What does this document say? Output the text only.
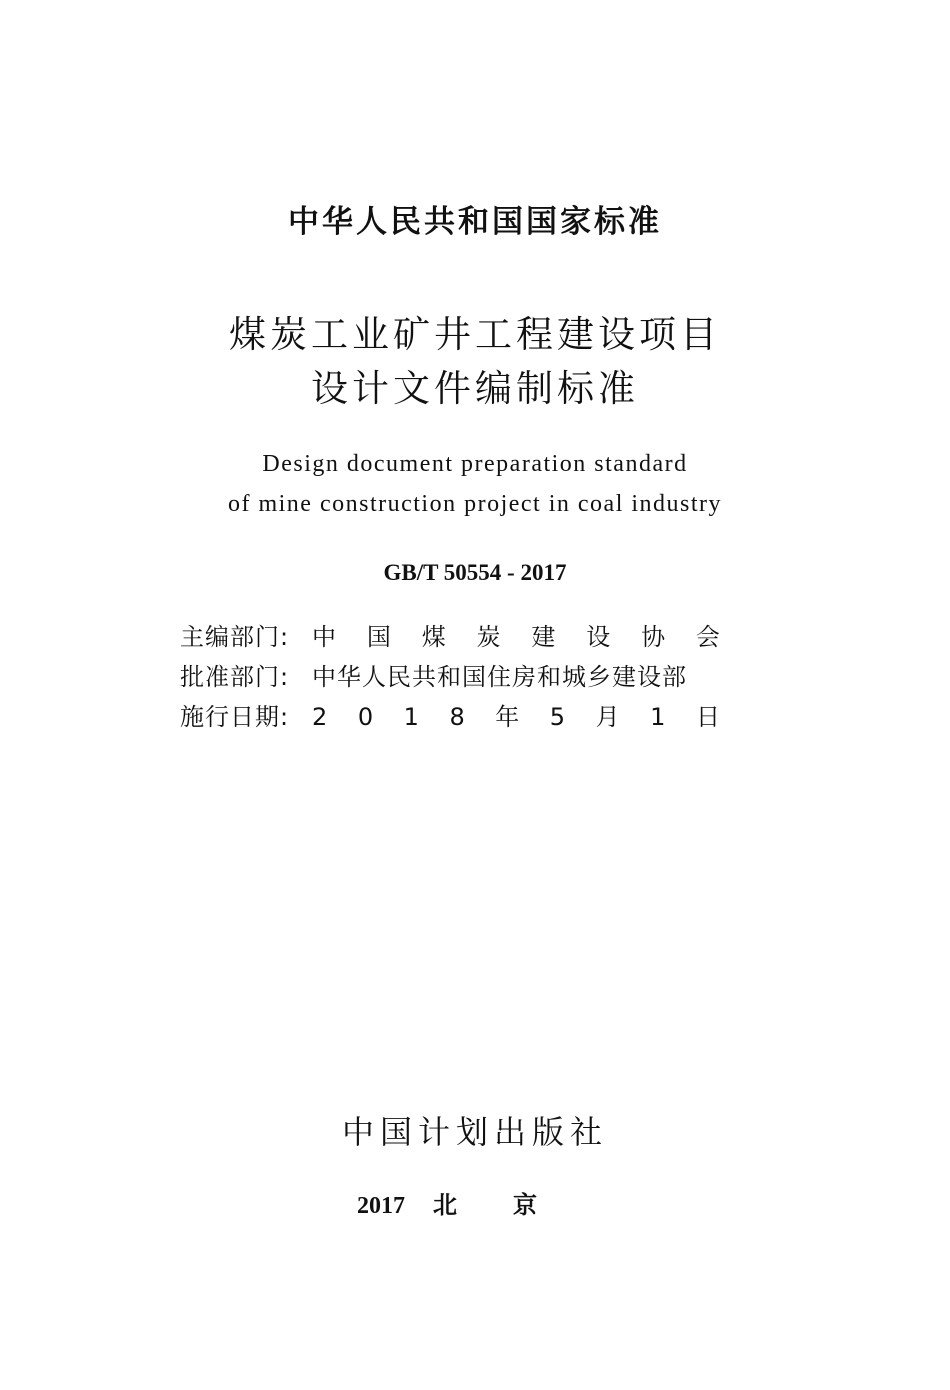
中华人民共和国国家标准
煤炭工业矿井工程建设项目
设计文件编制标准
Design document preparation standard
of mine construction project in coal industry
GB/T 50554 - 2017
主编部门: 中 国 煤 炭 建 设 协 会
批准部门: 中华人民共和国住房和城乡建设部
施行日期: 2 0 1 8 年 5 月 1 日
中国计划出版社
2017 北京
